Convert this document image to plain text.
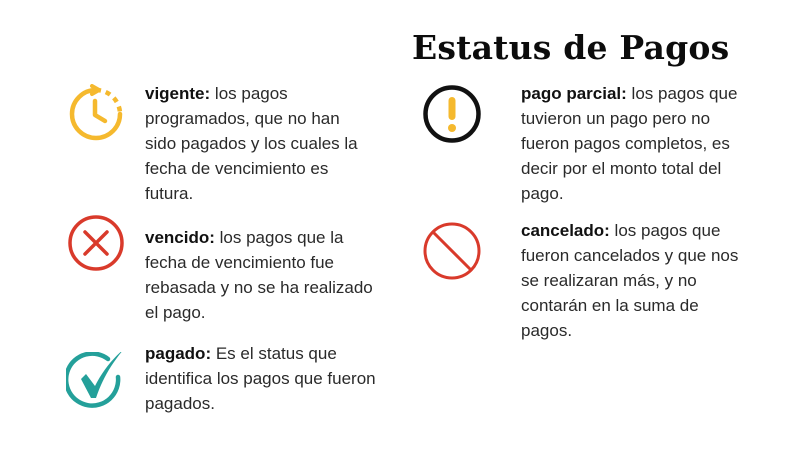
Estatus de Pagos
vigente: los pagos programados, que no han sido pagados y los cuales la fecha de vencimiento es futura.
vencido: los pagos que la fecha de vencimiento fue rebasada y no se ha realizado el pago.
pagado: Es el status que identifica los pagos que fueron pagados.
pago parcial: los pagos que tuvieron un pago pero no fueron pagos completos, es decir por el monto total del pago.
cancelado: los pagos que fueron cancelados y que nos se realizaran más, y no contarán en la suma de pagos.
